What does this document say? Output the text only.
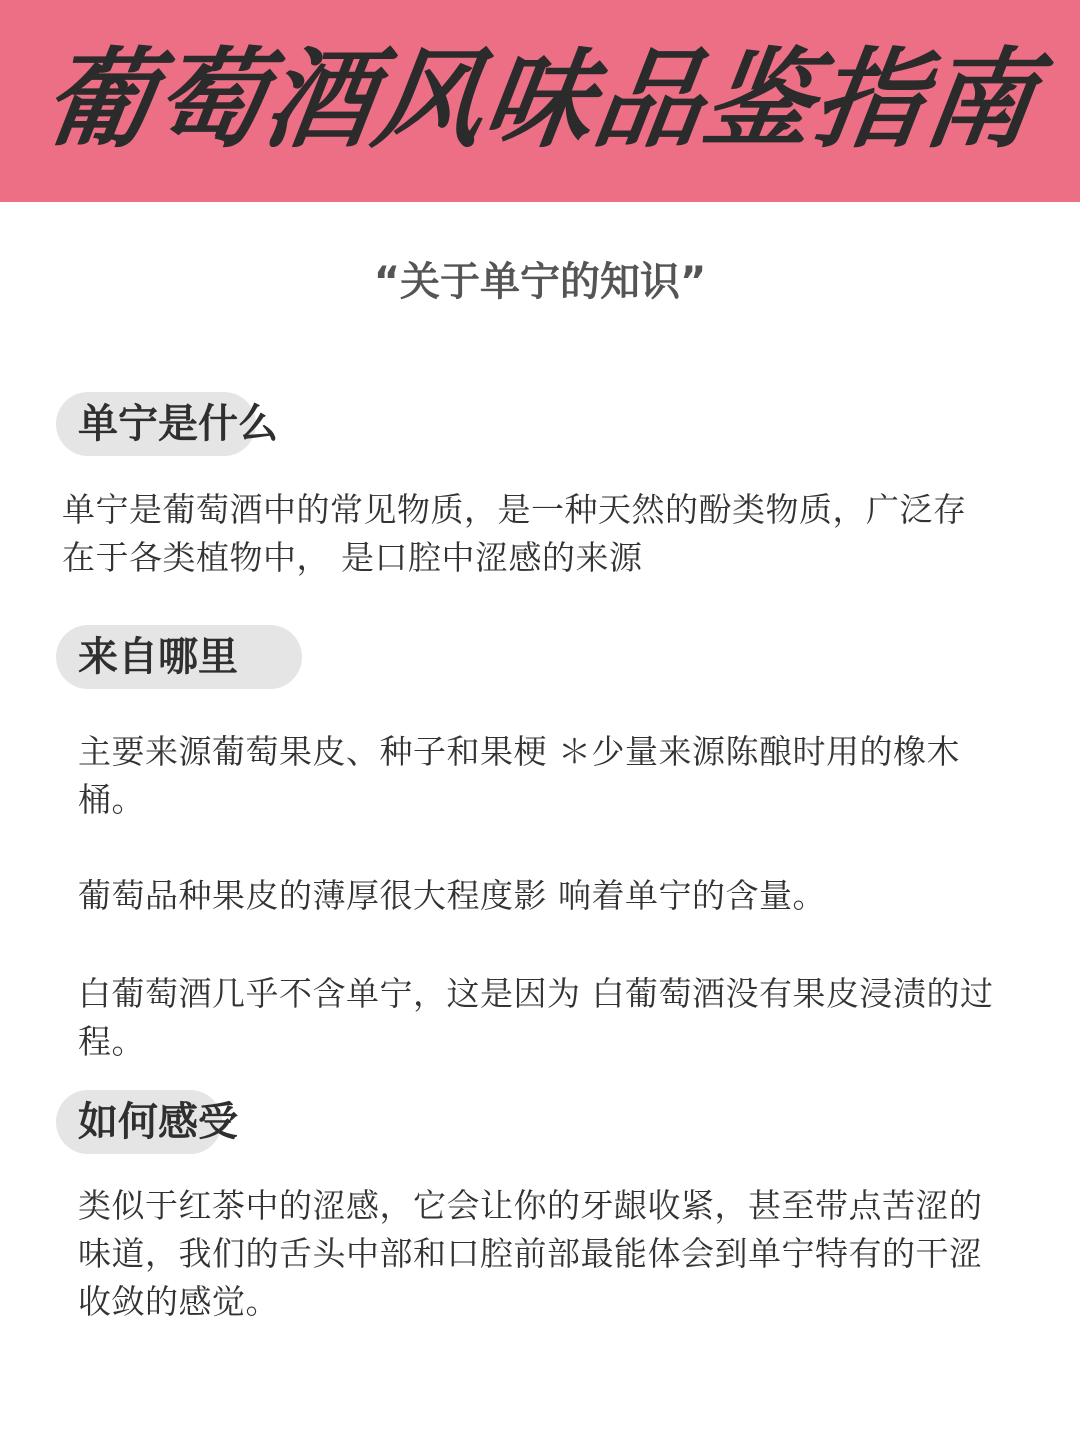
葡萄酒风味品鉴指南
“关于单宁的知识”
单宁是什么
单宁是葡萄酒中的常见物质，是一种天然的酚类物质，广泛存在于各类植物中， 是口腔中涩感的来源
来自哪里
主要来源葡萄果皮、种子和果梗 ＊少量来源陈酿时用的橡木桶。
葡萄品种果皮的薄厚很大程度影 响着单宁的含量。
白葡萄酒几乎不含单宁，这是因为 白葡萄酒没有果皮浸渍的过程。
如何感受
类似于红茶中的涩感，它会让你的牙龈收紧，甚至带点苦涩的味道，我们的舌头中部和口腔前部最能体会到单宁特有的干涩收敛的感觉。
